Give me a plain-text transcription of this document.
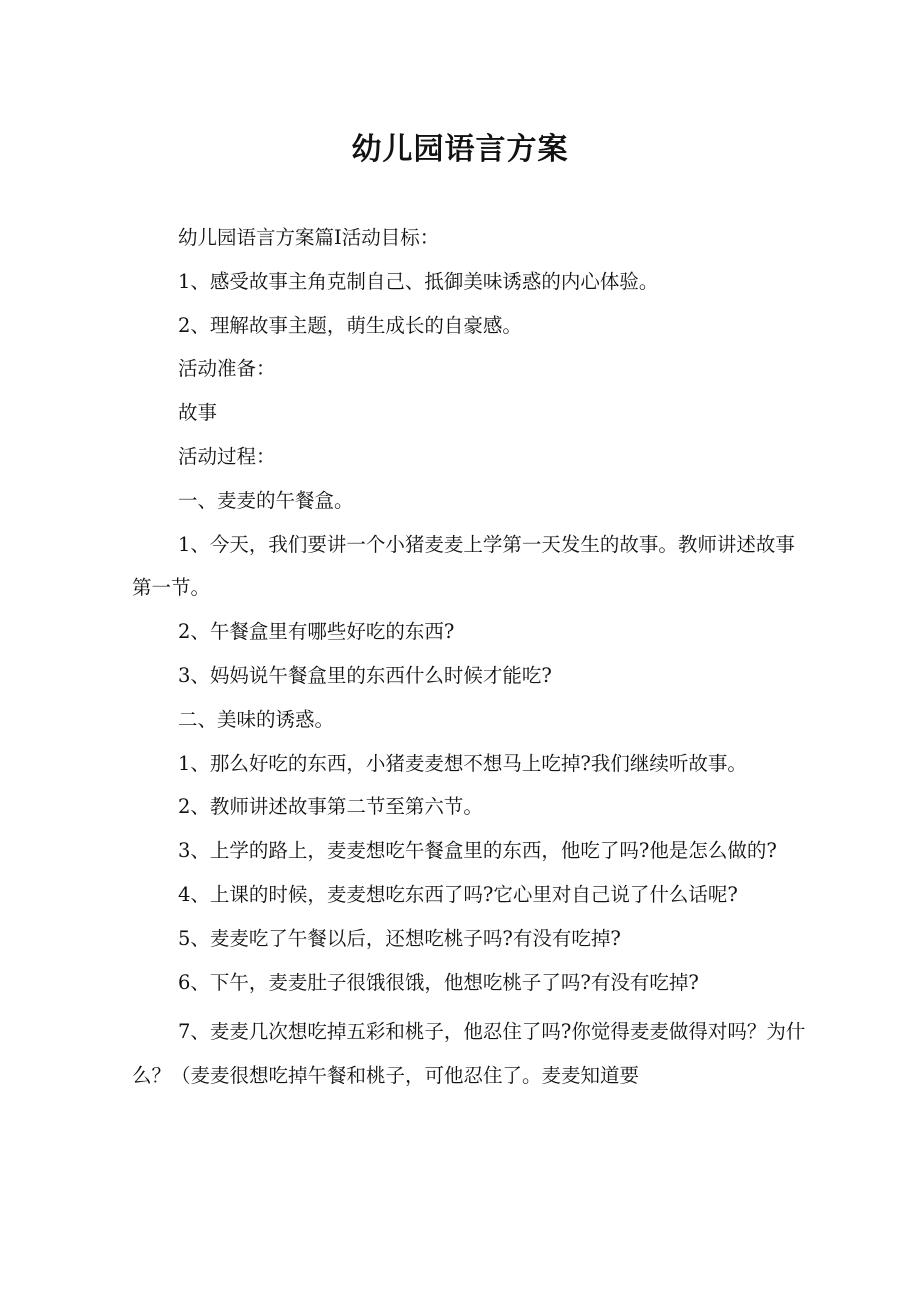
幼儿园语言方案

幼儿园语言方案篇Ⅰ活动目标：

1、感受故事主角克制自己、抵御美味诱惑的内心体验。

2、理解故事主题，萌生成长的自豪感。

活动准备：

故事

活动过程：

一、麦麦的午餐盒。

1、今天，我们要讲一个小猪麦麦上学第一天发生的故事。教师讲述故事第一节。

2、午餐盒里有哪些好吃的东西?

3、妈妈说午餐盒里的东西什么时候才能吃?

二、美味的诱惑。

1、那么好吃的东西，小猪麦麦想不想马上吃掉?我们继续听故事。

2、教师讲述故事第二节至第六节。

3、上学的路上，麦麦想吃午餐盒里的东西，他吃了吗?他是怎么做的?

4、上课的时候，麦麦想吃东西了吗?它心里对自己说了什么话呢?

5、麦麦吃了午餐以后，还想吃桃子吗?有没有吃掉?

6、下午，麦麦肚子很饿很饿，他想吃桃子了吗?有没有吃掉?

7、麦麦几次想吃掉五彩和桃子，他忍住了吗?你觉得麦麦做得对吗？为什么？（麦麦很想吃掉午餐和桃子，可他忍住了。麦麦知道要
